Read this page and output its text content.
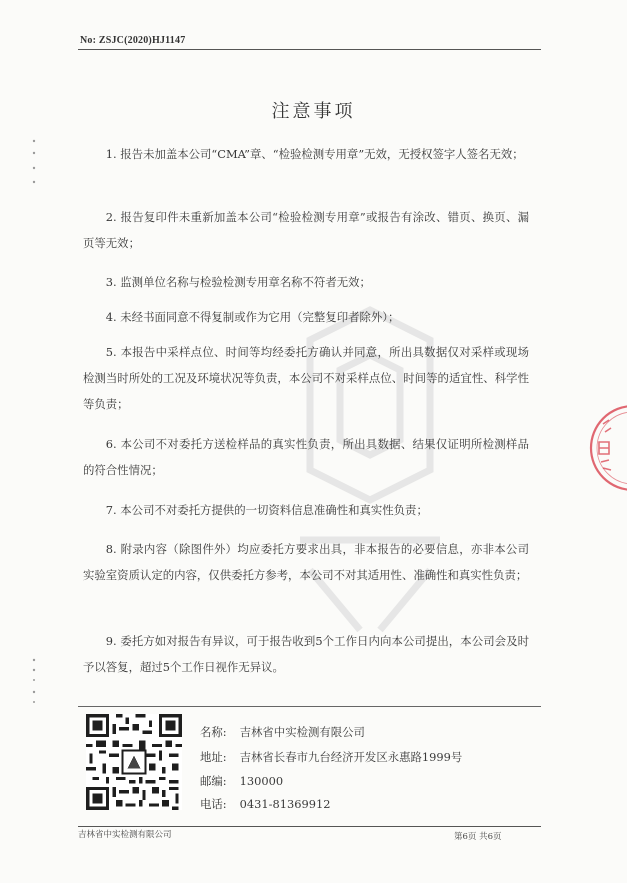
No: ZSJC(2020)HJ1147
注意事项

1. 报告未加盖本公司“CMA”章、“检验检测专用章”无效，无授权签字人签名无效；

2. 报告复印件未重新加盖本公司“检验检测专用章”或报告有涂改、错页、换页、漏页等无效；

3. 监测单位名称与检验检测专用章名称不符者无效；

4. 未经书面同意不得复制或作为它用（完整复印者除外）；

5. 本报告中采样点位、时间等均经委托方确认并同意，所出具数据仅对采样或现场检测当时所处的工况及环境状况等负责，本公司不对采样点位、时间等的适宜性、科学性等负责；

6. 本公司不对委托方送检样品的真实性负责，所出具数据、结果仅证明所检测样品的符合性情况；

7. 本公司不对委托方提供的一切资料信息准确性和真实性负责；

8. 附录内容（除图件外）均应委托方要求出具，非本报告的必要信息，亦非本公司实验室资质认定的内容，仅供委托方参考，本公司不对其适用性、准确性和真实性负责；

9. 委托方如对报告有异议，可于报告收到5个工作日内向本公司提出，本公司会及时予以答复，超过5个工作日视作无异议。

名称: 吉林省中实检测有限公司
地址: 吉林省长春市九台经济开发区永惠路1999号
邮编: 130000
电话: 0431-81369912
吉林省中实检测有限公司	第6页 共6页
